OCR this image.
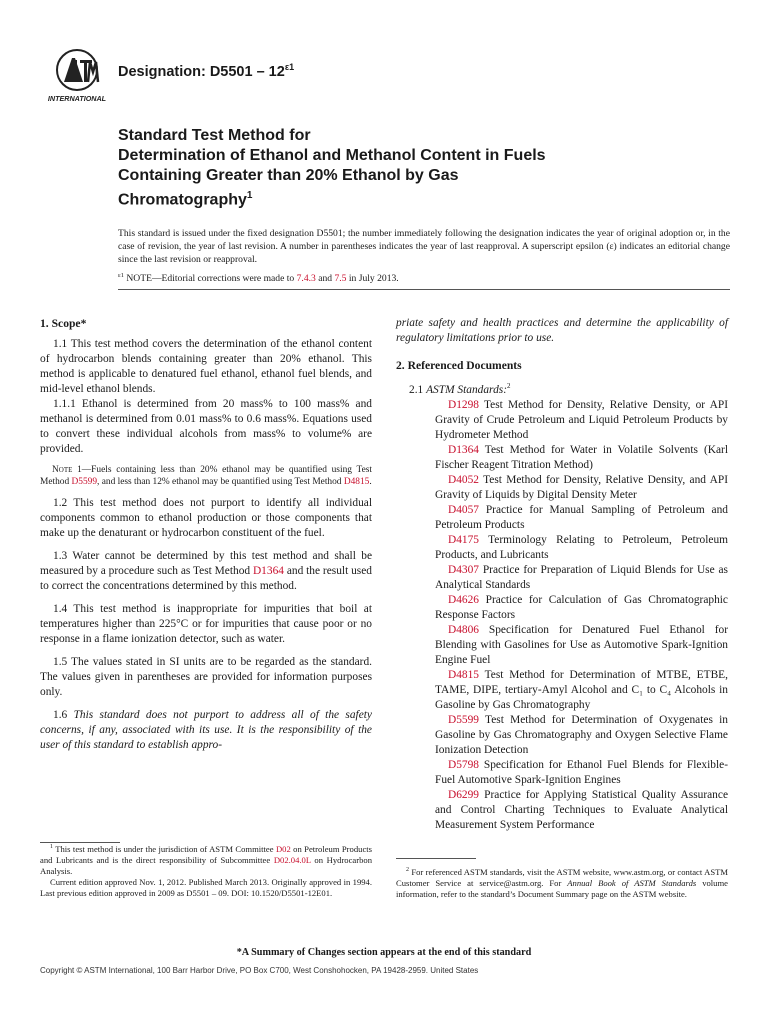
INTERNATIONAL
Designation: $D5501 - 12^{\varepsilon 1}$
Standard Test Method for
Determination of Ethanol and Methanol Content in Fuels
Containing Greater than 20% Ethanol by Gas
Chromatography$^1$
This standard is issued under the fixed designation D5501; the number immediately following the designation indicates the year of original adoption or, in the case of revision, the year of last revision. A number in parentheses indicates the year of last reapproval. A superscript epsilon (ε) indicates an editorial change since the last revision or reapproval.
$^{\varepsilon 1}$ NOTE—Editorial corrections were made to 7.4.3 and 7.5 in July 2013.
1. Scope*

1.1 This test method covers the determination of the ethanol content of hydrocarbon blends containing greater than 20% ethanol. This method is applicable to denatured fuel ethanol, ethanol fuel blends, and mid-level ethanol blends.

1.1.1 Ethanol is determined from 20 mass% to 100 mass% and methanol is determined from 0.01 mass% to 0.6 mass%. Equations used to convert these individual alcohols from mass% to volume% are provided.

Note 1—Fuels containing less than 20% ethanol may be quantified using Test Method D5599, and less than 12% ethanol may be quantified using Test Method D4815.

1.2 This test method does not purport to identify all individual components common to ethanol production or those components that make up the denaturant or hydrocarbon constituent of the fuel.

1.3 Water cannot be determined by this test method and shall be measured by a procedure such as Test Method D1364 and the result used to correct the concentrations determined by this method.

1.4 This test method is inappropriate for impurities that boil at temperatures higher than 225°C or for impurities that cause poor or no response in a flame ionization detector, such as water.

1.5 The values stated in SI units are to be regarded as the standard. The values given in parentheses are provided for information purposes only.

1.6 This standard does not purport to address all of the safety concerns, if any, associated with its use. It is the responsibility of the user of this standard to establish appro-

$^1$ This test method is under the jurisdiction of ASTM Committee D02 on Petroleum Products and Lubricants and is the direct responsibility of Subcommittee D02.04.0L on Hydrocarbon Analysis.

Current edition approved Nov. 1, 2012. Published March 2013. Originally approved in 1994. Last previous edition approved in 2009 as D5501 – 09. DOI: 10.1520/D5501-12E01.

priate safety and health practices and determine the applicability of regulatory limitations prior to use.

2. Referenced Documents

2.1 ASTM Standards:$^2$

D1298 Test Method for Density, Relative Density, or API Gravity of Crude Petroleum and Liquid Petroleum Products by Hydrometer Method

D1364 Test Method for Water in Volatile Solvents (Karl Fischer Reagent Titration Method)

D4052 Test Method for Density, Relative Density, and API Gravity of Liquids by Digital Density Meter

D4057 Practice for Manual Sampling of Petroleum and Petroleum Products

D4175 Terminology Relating to Petroleum, Petroleum Products, and Lubricants

D4307 Practice for Preparation of Liquid Blends for Use as Analytical Standards

D4626 Practice for Calculation of Gas Chromatographic Response Factors

D4806 Specification for Denatured Fuel Ethanol for Blending with Gasolines for Use as Automotive Spark-Ignition Engine Fuel

D4815 Test Method for Determination of MTBE, ETBE, TAME, DIPE, tertiary-Amyl Alcohol and C₁ to C₄ Alcohols in Gasoline by Gas Chromatography

D5599 Test Method for Determination of Oxygenates in Gasoline by Gas Chromatography and Oxygen Selective Flame Ionization Detection

D5798 Specification for Ethanol Fuel Blends for Flexible-Fuel Automotive Spark-Ignition Engines

D6299 Practice for Applying Statistical Quality Assurance and Control Charting Techniques to Evaluate Analytical Measurement System Performance

$^2$ For referenced ASTM standards, visit the ASTM website, www.astm.org, or contact ASTM Customer Service at service@astm.org. For Annual Book of ASTM Standards volume information, refer to the standard’s Document Summary page on the ASTM website.

*A Summary of Changes section appears at the end of this standard
Copyright © ASTM International, 100 Barr Harbor Drive, PO Box C700, West Conshohocken, PA 19428-2959. United States
